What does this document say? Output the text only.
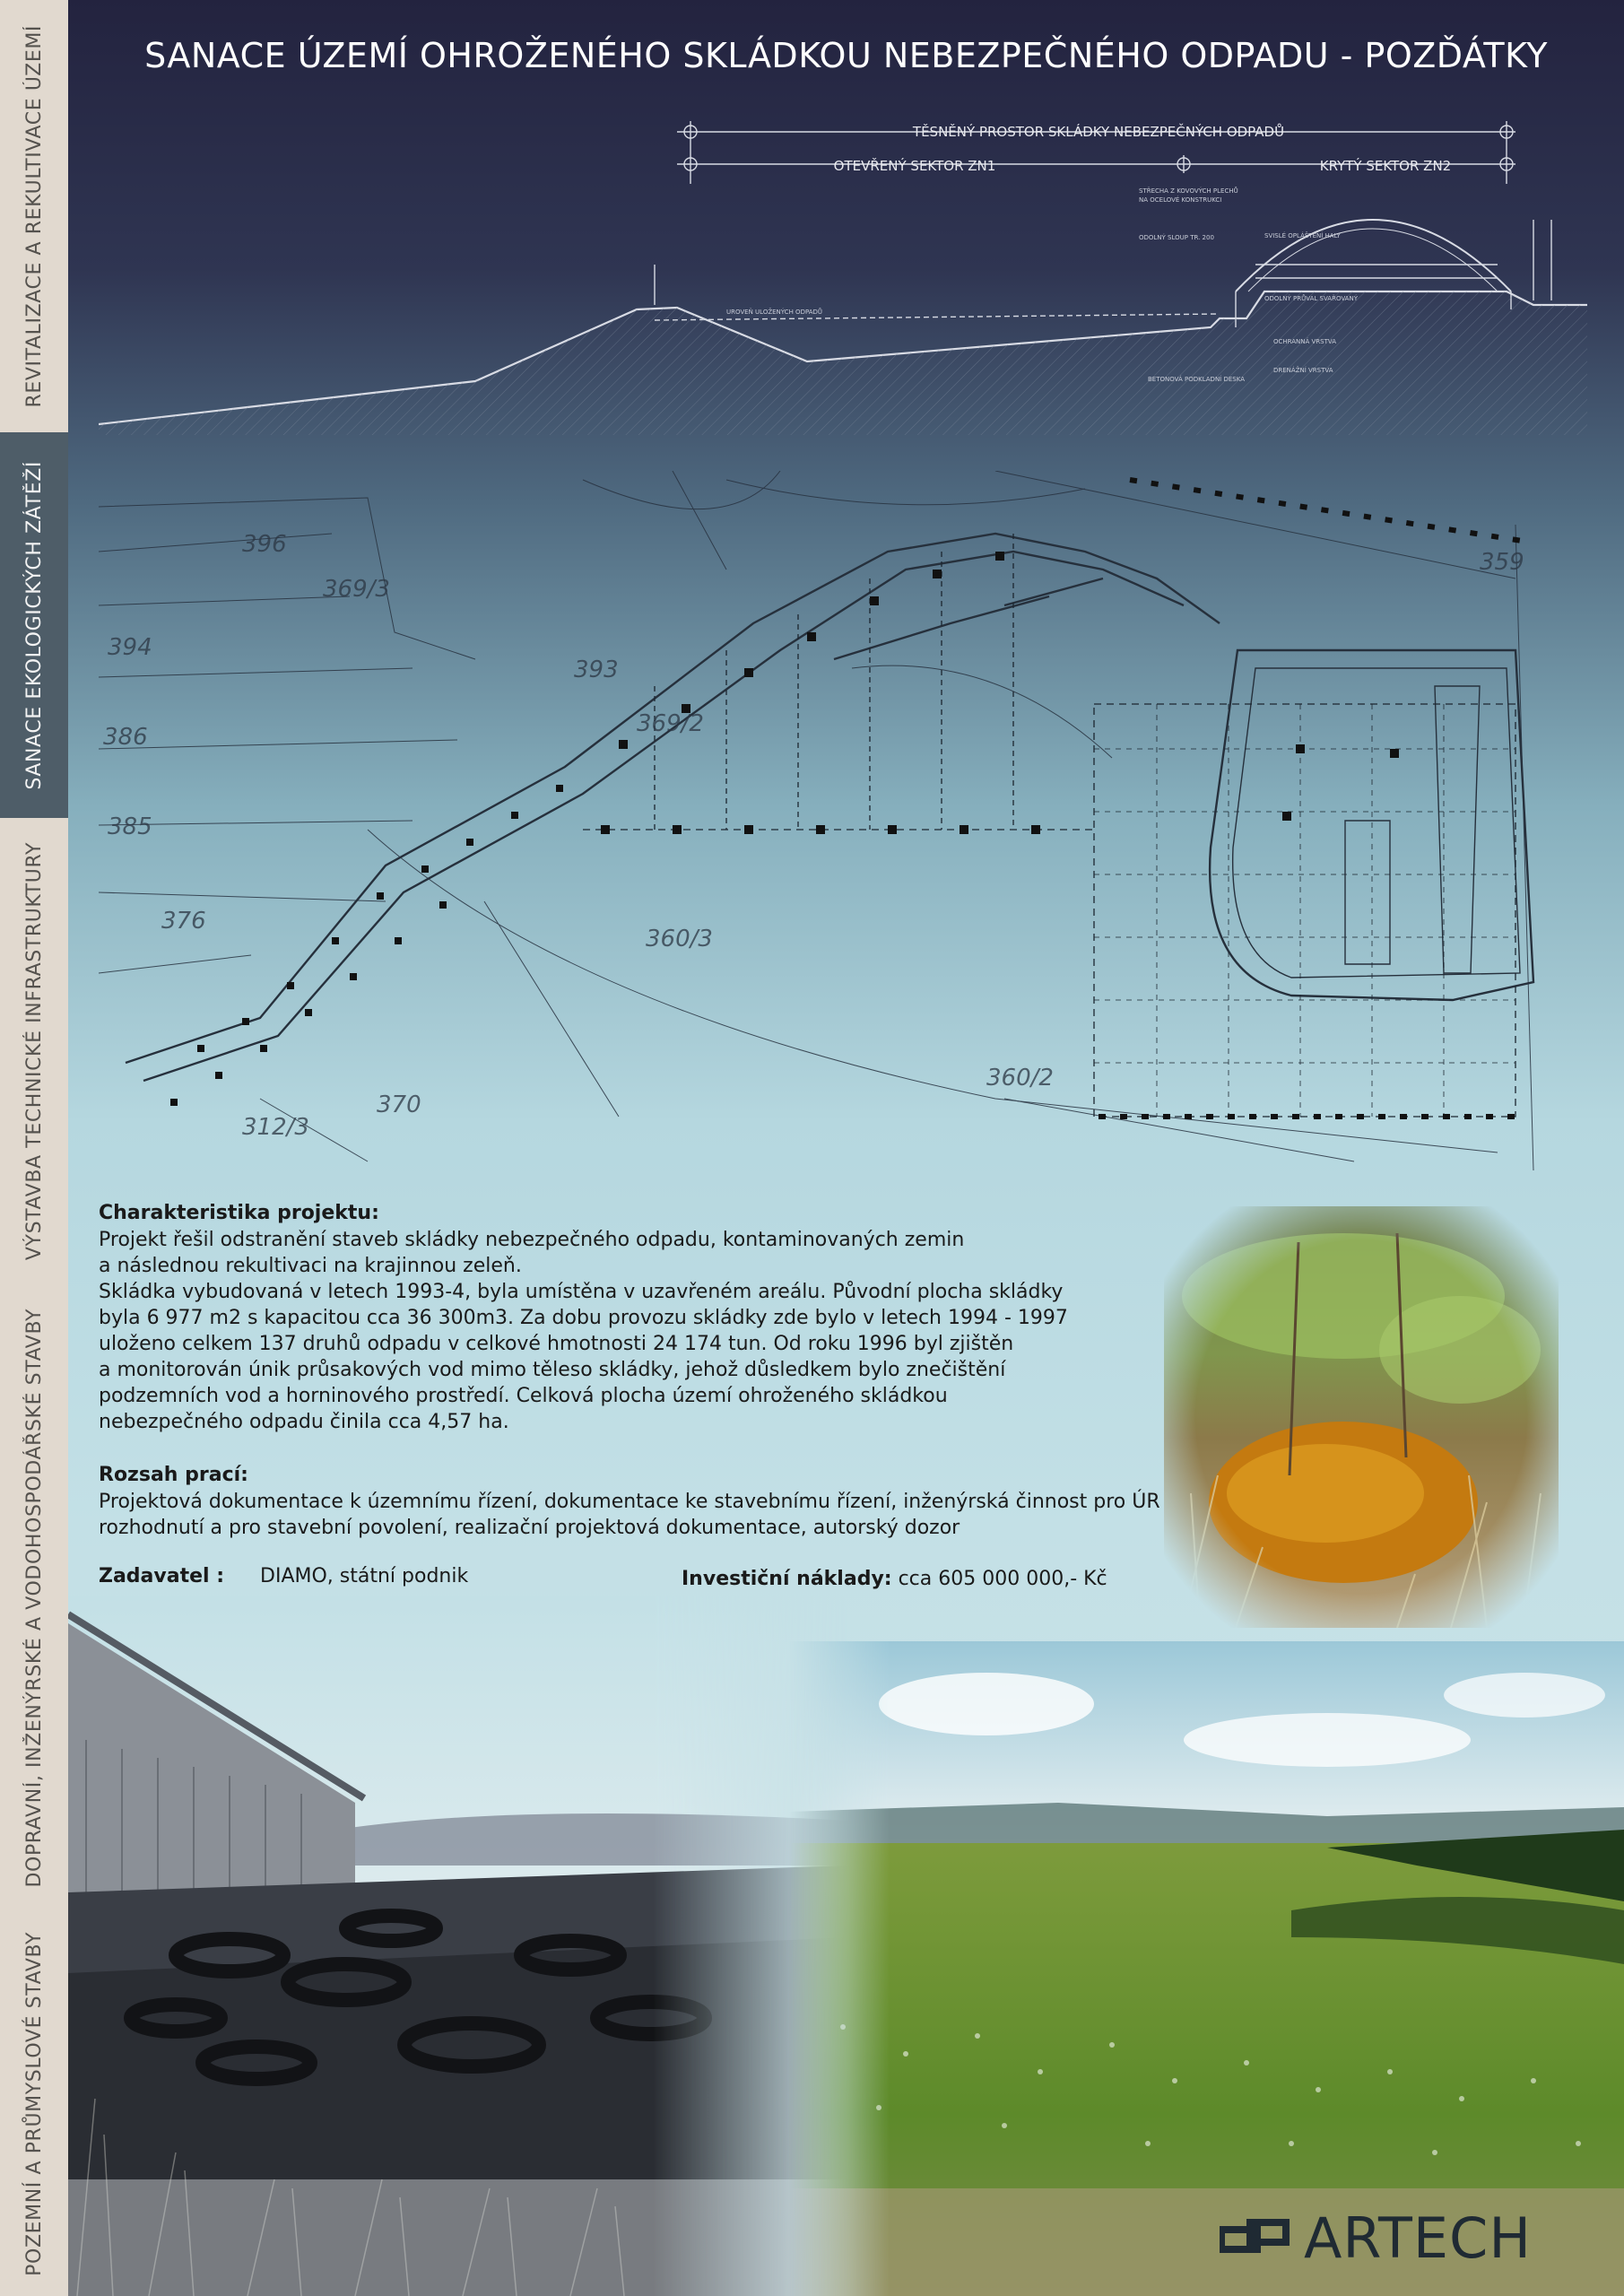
REVITALIZACE A REKULTIVACE ÚZEMÍ
SANACE EKOLOGICKÝCH ZÁTĚŽÍ
VÝSTAVBA TECHNICKÉ INFRASTRUKTURY
DOPRAVNÍ, INŽENÝRSKÉ A VODOHOSPODÁŘSKÉ STAVBY
POZEMNÍ A PRŮMYSLOVÉ STAVBY
SANACE ÚZEMÍ OHROŽENÉHO SKLÁDKOU NEBEZPEČNÉHO ODPADU - POZĎÁTKY
STŘECHA Z KOVOVÝCH PLECHŮ
NA OCELOVÉ KONSTRUKCI
ODOLNÝ SLOUP TR. 200	SVISLÉ OPLÁŠTĚNÍ HALY
ODOLNÝ PRŮVAL SVAŘOVANÝ
UROVEŇ ULOŽENÝCH ODPADŮ
OCHRANNÁ VRSTVA
DRENÁŽNÍ VRSTVA
BETONOVÁ PODKLADNÍ DESKA
TĚSNĚNÝ PROSTOR SKLÁDKY NEBEZPEČNÝCH ODPADŮ
OTEVŘENÝ SEKTOR ZN1	KRYTÝ SEKTOR ZN2
396
369/3
394
393
386	369/2
385
376
360/3
370
360/2
312/3
359
Charakteristika projektu:

Projekt řešil odstranění staveb skládky nebezpečného odpadu, kontaminovaných zemin
a následnou rekultivaci na krajinnou zeleň.
Skládka vybudovaná v letech 1993-4, byla umístěna v uzavřeném areálu. Původní plocha skládky
byla 6 977 m2 s kapacitou cca 36 300m3. Za dobu provozu skládky zde bylo v letech 1994 - 1997
uloženo celkem 137 druhů odpadu v celkové hmotnosti 24 174 tun. Od roku 1996 byl zjištěn
a monitorován únik průsakových vod mimo těleso skládky, jehož důsledkem bylo znečištění
podzemních vod a horninového prostředí. Celková plocha území ohroženého skládkou
nebezpečného odpadu činila cca 4,57 ha.

Rozsah prací:

Projektová dokumentace k územnímu řízení, dokumentace ke stavebnímu řízení, inženýrská činnost pro ÚR
rozhodnutí a pro stavební povolení, realizační projektová dokumentace, autorský dozor

Zadavatel : DIAMO, státní podnik	Investiční náklady: cca 605 000 000,- Kč
ARTECH
